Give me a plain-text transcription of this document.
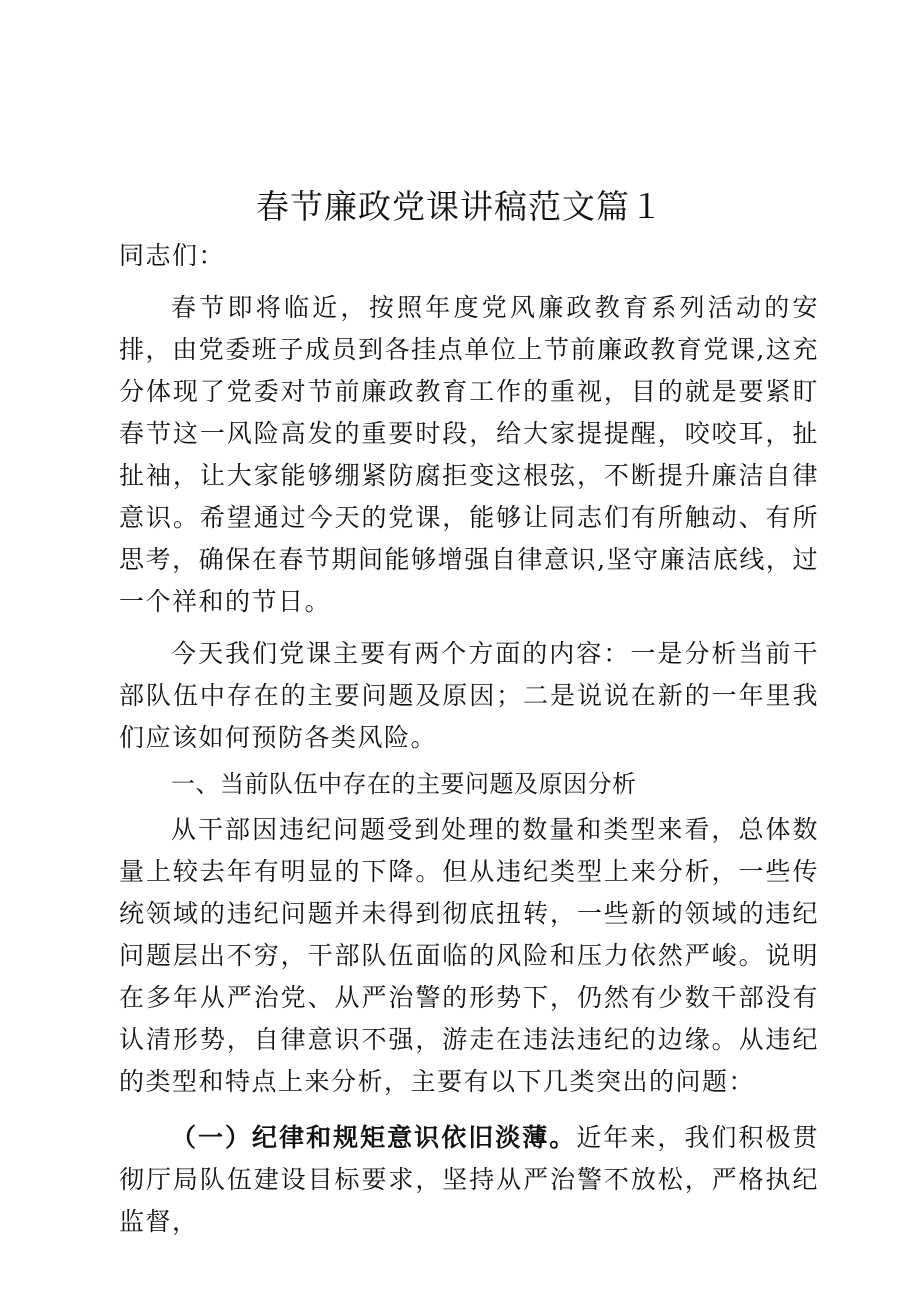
春节廉政党课讲稿范文篇１

同志们：

春节即将临近，按照年度党风廉政教育系列活动的安排，由党委班子成员到各挂点单位上节前廉政教育党课,这充分体现了党委对节前廉政教育工作的重视，目的就是要紧盯春节这一风险高发的重要时段，给大家提提醒，咬咬耳，扯扯袖，让大家能够绷紧防腐拒变这根弦，不断提升廉洁自律意识。希望通过今天的党课，能够让同志们有所触动、有所思考，确保在春节期间能够增强自律意识,坚守廉洁底线，过一个祥和的节日。

今天我们党课主要有两个方面的内容：一是分析当前干部队伍中存在的主要问题及原因；二是说说在新的一年里我们应该如何预防各类风险。

一、当前队伍中存在的主要问题及原因分析

从干部因违纪问题受到处理的数量和类型来看，总体数量上较去年有明显的下降。但从违纪类型上来分析，一些传统领域的违纪问题并未得到彻底扭转，一些新的领域的违纪问题层出不穷，干部队伍面临的风险和压力依然严峻。说明在多年从严治党、从严治警的形势下，仍然有少数干部没有认清形势，自律意识不强，游走在违法违纪的边缘。从违纪的类型和特点上来分析，主要有以下几类突出的问题：

（一）纪律和规矩意识依旧淡薄。近年来，我们积极贯彻厅局队伍建设目标要求，坚持从严治警不放松，严格执纪监督，
